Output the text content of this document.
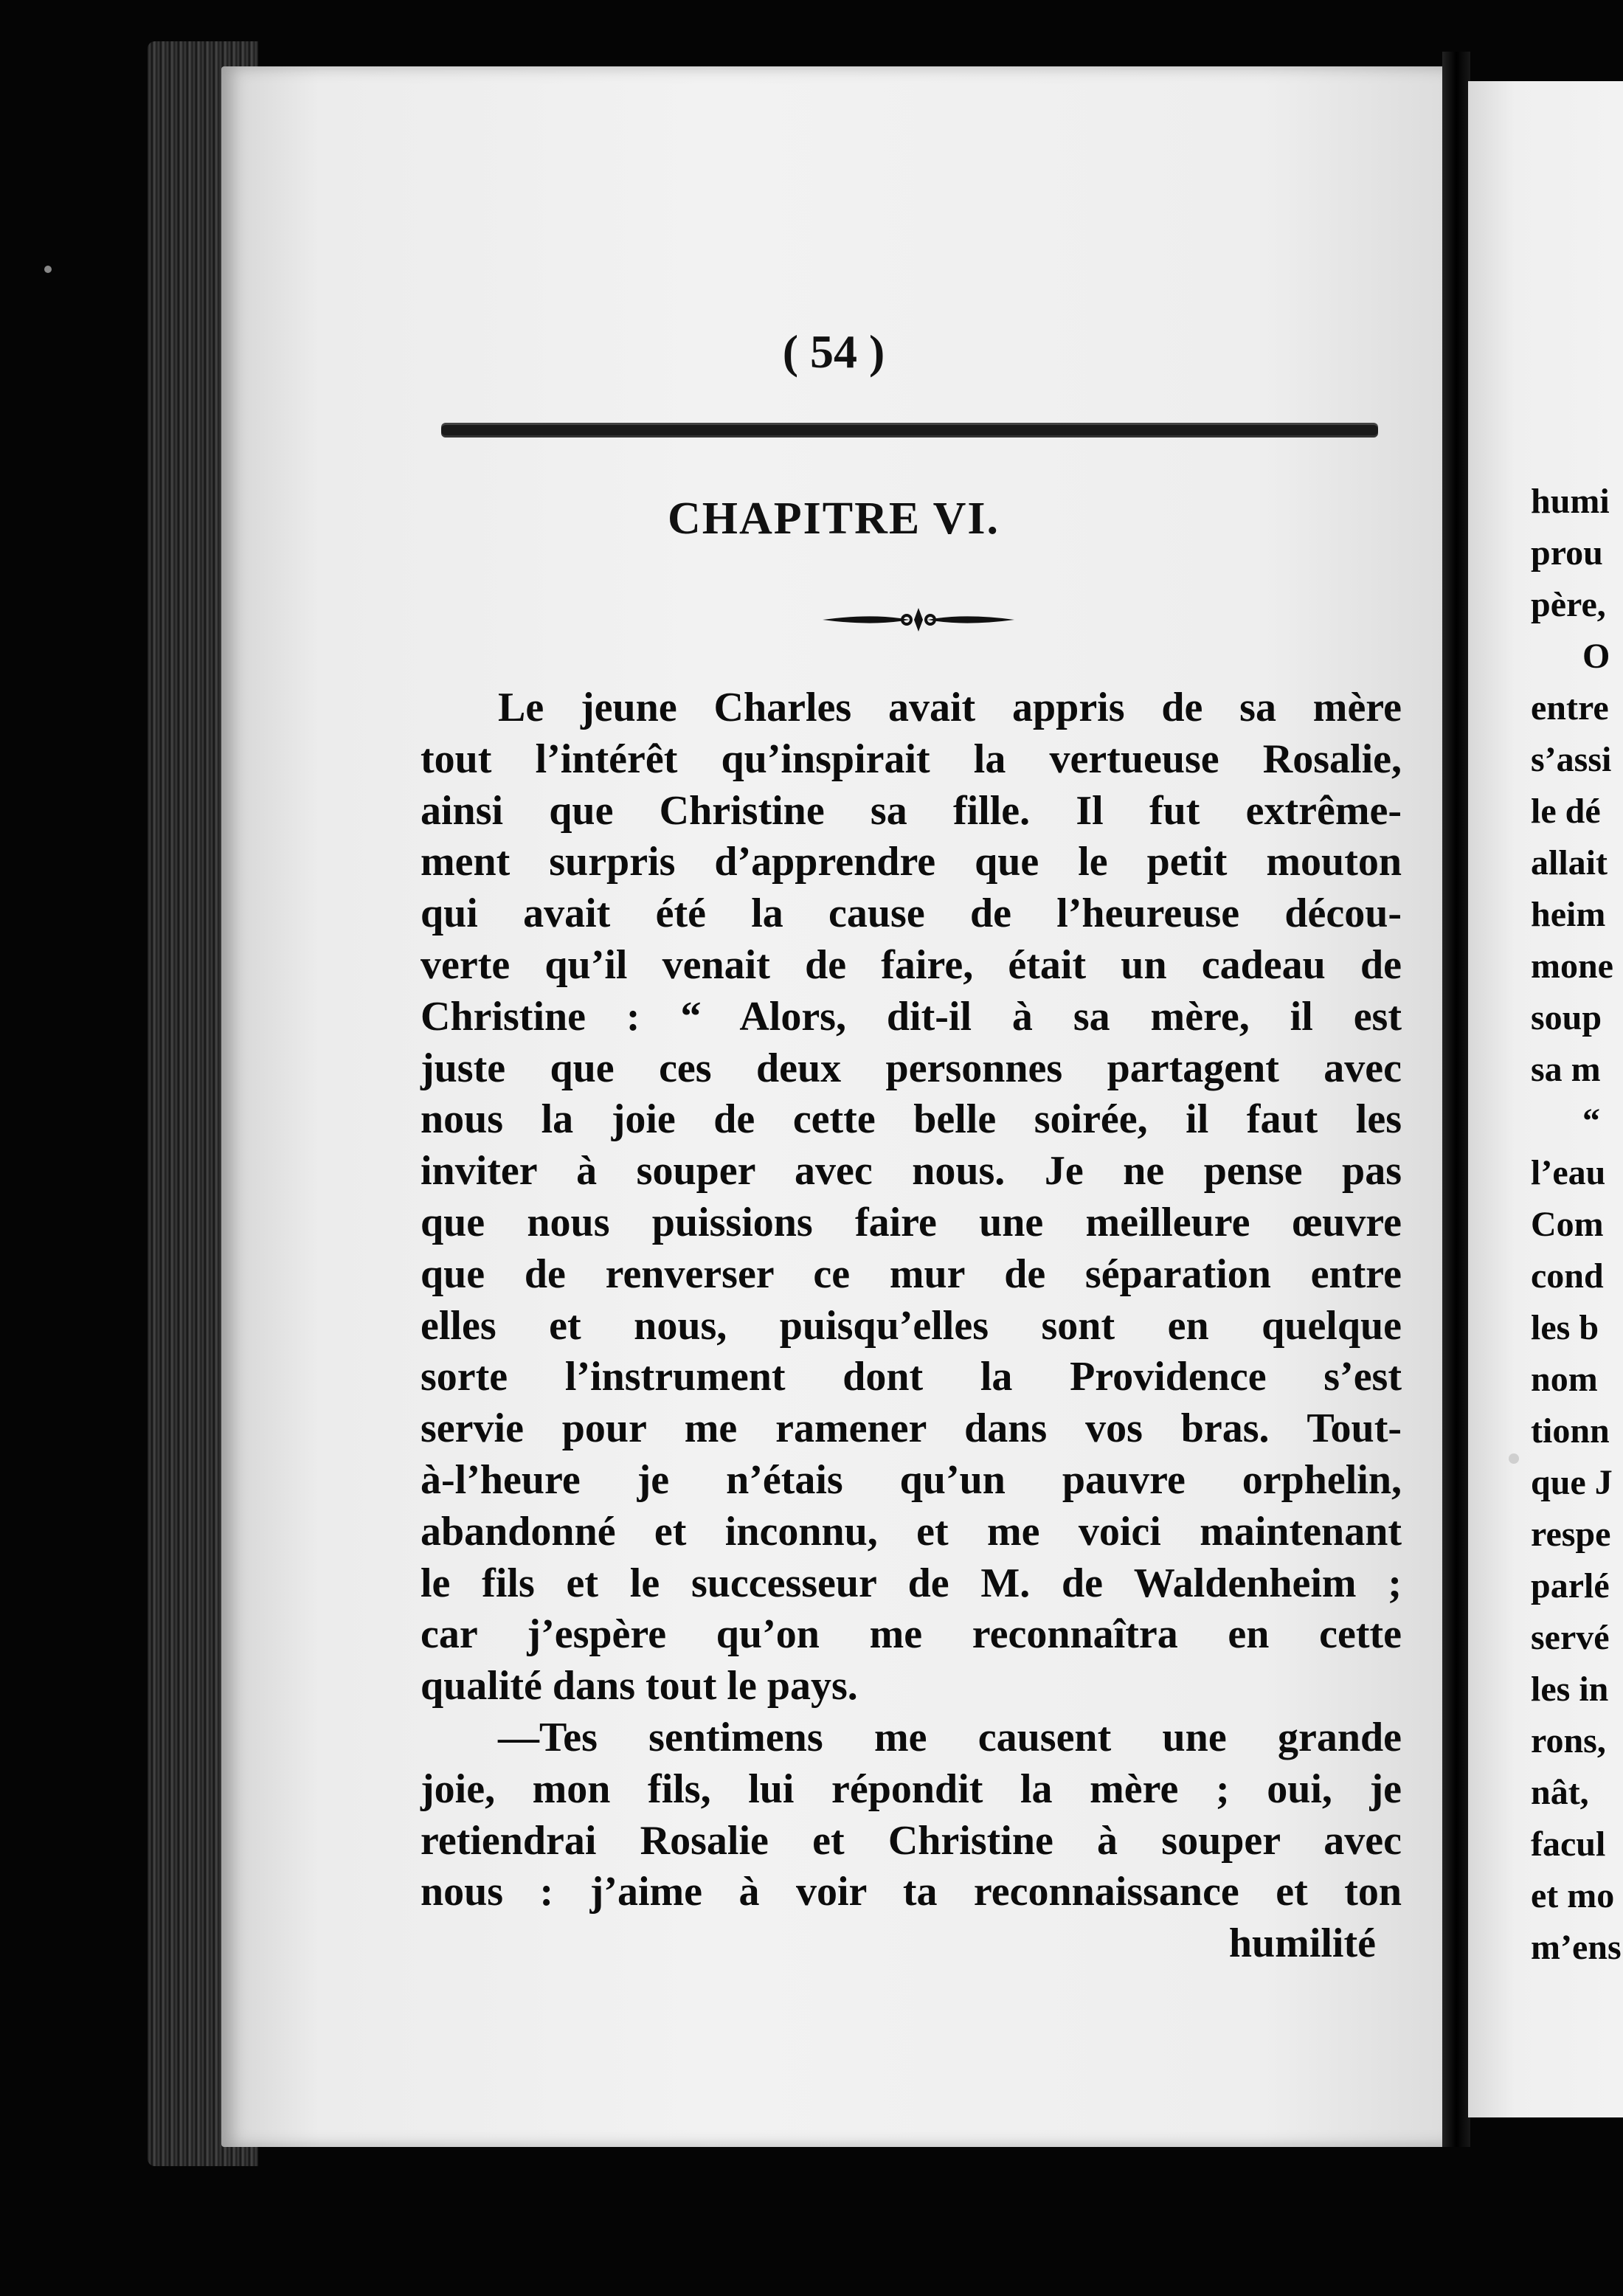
humi
prou
père,
O
entre
s’assi
le dé
allait
heim
mone
soup
sa m
“
l’eau
Com
cond
les b
nom
tionn
que J
respe
parlé
servé
les in
rons,
nât,
facul
et mo
m’ens
( 54 )
CHAPITRE VI.
Le jeune Charles avait appris de sa mère
tout l’intérêt qu’inspirait la vertueuse Rosalie,
ainsi que Christine sa fille. Il fut extrême-
ment surpris d’apprendre que le petit mouton
qui avait été la cause de l’heureuse décou-
verte qu’il venait de faire, était un cadeau de
Christine : “ Alors, dit-il à sa mère, il est
juste que ces deux personnes partagent avec
nous la joie de cette belle soirée, il faut les
inviter à souper avec nous. Je ne pense pas
que nous puissions faire une meilleure œuvre
que de renverser ce mur de séparation entre
elles et nous, puisqu’elles sont en quelque
sorte l’instrument dont la Providence s’est
servie pour me ramener dans vos bras. Tout-
à-l’heure je n’étais qu’un pauvre orphelin,
abandonné et inconnu, et me voici maintenant
le fils et le successeur de M. de Waldenheim ;
car j’espère qu’on me reconnaîtra en cette
qualité dans tout le pays.
—Tes sentimens me causent une grande
joie, mon fils, lui répondit la mère ; oui, je
retiendrai Rosalie et Christine à souper avec
nous : j’aime à voir ta reconnaissance et ton
humilité
